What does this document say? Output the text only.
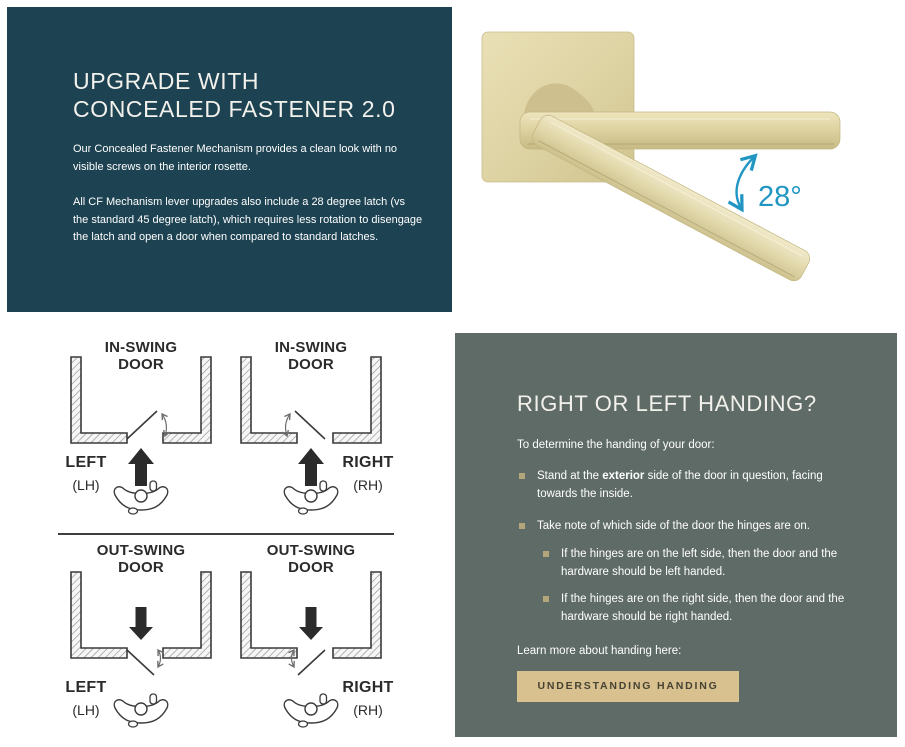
UPGRADE WITH CONCEALED FASTENER 2.0

Our Concealed Fastener Mechanism provides a clean look with no visible screws on the interior rosette.

All CF Mechanism lever upgrades also include a 28 degree latch (vs the standard 45 degree latch), which requires less rotation to disengage the latch and open a door when compared to standard latches.

28°
IN-SWING DOOR
LEFT
(LH)
IN-SWING DOOR
RIGHT
(RH)
OUT-SWING DOOR
LEFT
(LH)
OUT-SWING DOOR
RIGHT
(RH)
RIGHT OR LEFT HANDING?

To determine the handing of your door:

Stand at the exterior side of the door in question, facing towards the inside.
Take note of which side of the door the hinges are on.
If the hinges are on the left side, then the door and the hardware should be left handed.
If the hinges are on the right side, then the door and the hardware should be right handed.

Learn more about handing here:

UNDERSTANDING HANDING
